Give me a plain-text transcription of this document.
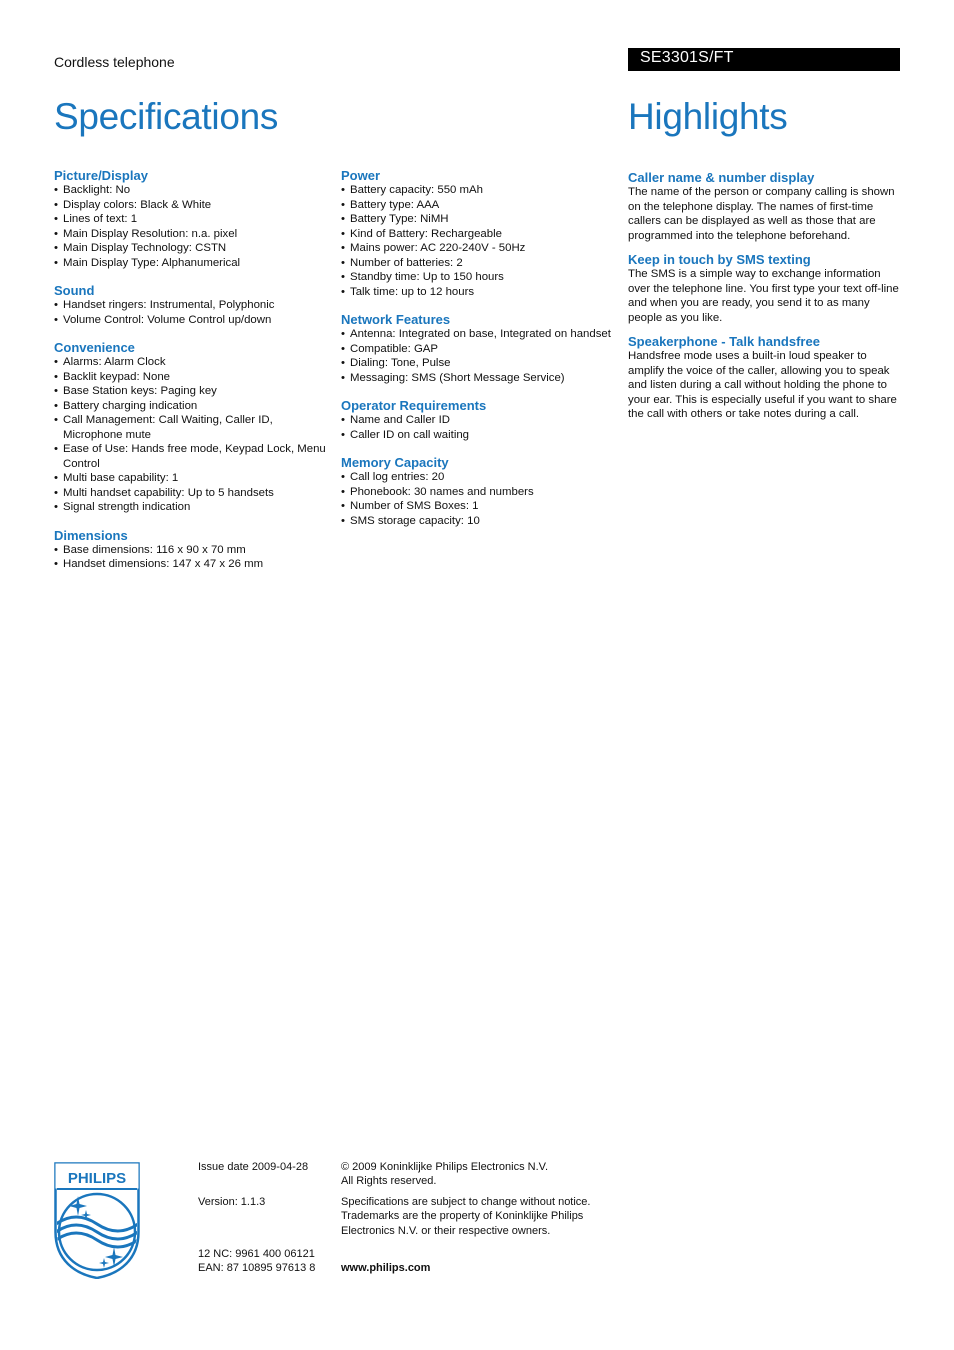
Cordless telephone	SE3301S/FT
Specifications	Highlights
Picture/Display
• Backlight: No
• Display colors: Black & White
• Lines of text: 1
• Main Display Resolution: n.a. pixel
• Main Display Technology: CSTN
• Main Display Type: Alphanumerical
Sound
• Handset ringers: Instrumental, Polyphonic
• Volume Control: Volume Control up/down
Convenience
• Alarms: Alarm Clock
• Backlit keypad: None
• Base Station keys: Paging key
• Battery charging indication
• Call Management: Call Waiting, Caller ID, Microphone mute
• Ease of Use: Hands free mode, Keypad Lock, Menu Control
• Multi base capability: 1
• Multi handset capability: Up to 5 handsets
• Signal strength indication
Dimensions
• Base dimensions: 116 x 90 x 70 mm
• Handset dimensions: 147 x 47 x 26 mm
Power
• Battery capacity: 550 mAh
• Battery type: AAA
• Battery Type: NiMH
• Kind of Battery: Rechargeable
• Mains power: AC 220-240V - 50Hz
• Number of batteries: 2
• Standby time: Up to 150 hours
• Talk time: up to 12 hours
Network Features
• Antenna: Integrated on base, Integrated on handset
• Compatible: GAP
• Dialing: Tone, Pulse
• Messaging: SMS (Short Message Service)
Operator Requirements
• Name and Caller ID
• Caller ID on call waiting
Memory Capacity
• Call log entries: 20
• Phonebook: 30 names and numbers
• Number of SMS Boxes: 1
• SMS storage capacity: 10
Caller name & number display

The name of the person or company calling is shown on the telephone display. The names of first-time callers can be displayed as well as those that are programmed into the telephone beforehand.

Keep in touch by SMS texting

The SMS is a simple way to exchange information over the telephone line. You first type your text off-line and when you are ready, you send it to as many people as you like.

Speakerphone - Talk handsfree

Handsfree mode uses a built-in loud speaker to amplify the voice of the caller, allowing you to speak and listen during a call without holding the phone to your ear. This is especially useful if you want to share the call with others or take notes during a call.

PHILIPS
Issue date 2009-04-28
Version: 1.1.3
12 NC: 9961 400 06121
EAN: 87 10895 97613 8
© 2009 Koninklijke Philips Electronics N.V.
All Rights reserved.
Specifications are subject to change without notice.
Trademarks are the property of Koninklijke Philips
Electronics N.V. or their respective owners.
www.philips.com
